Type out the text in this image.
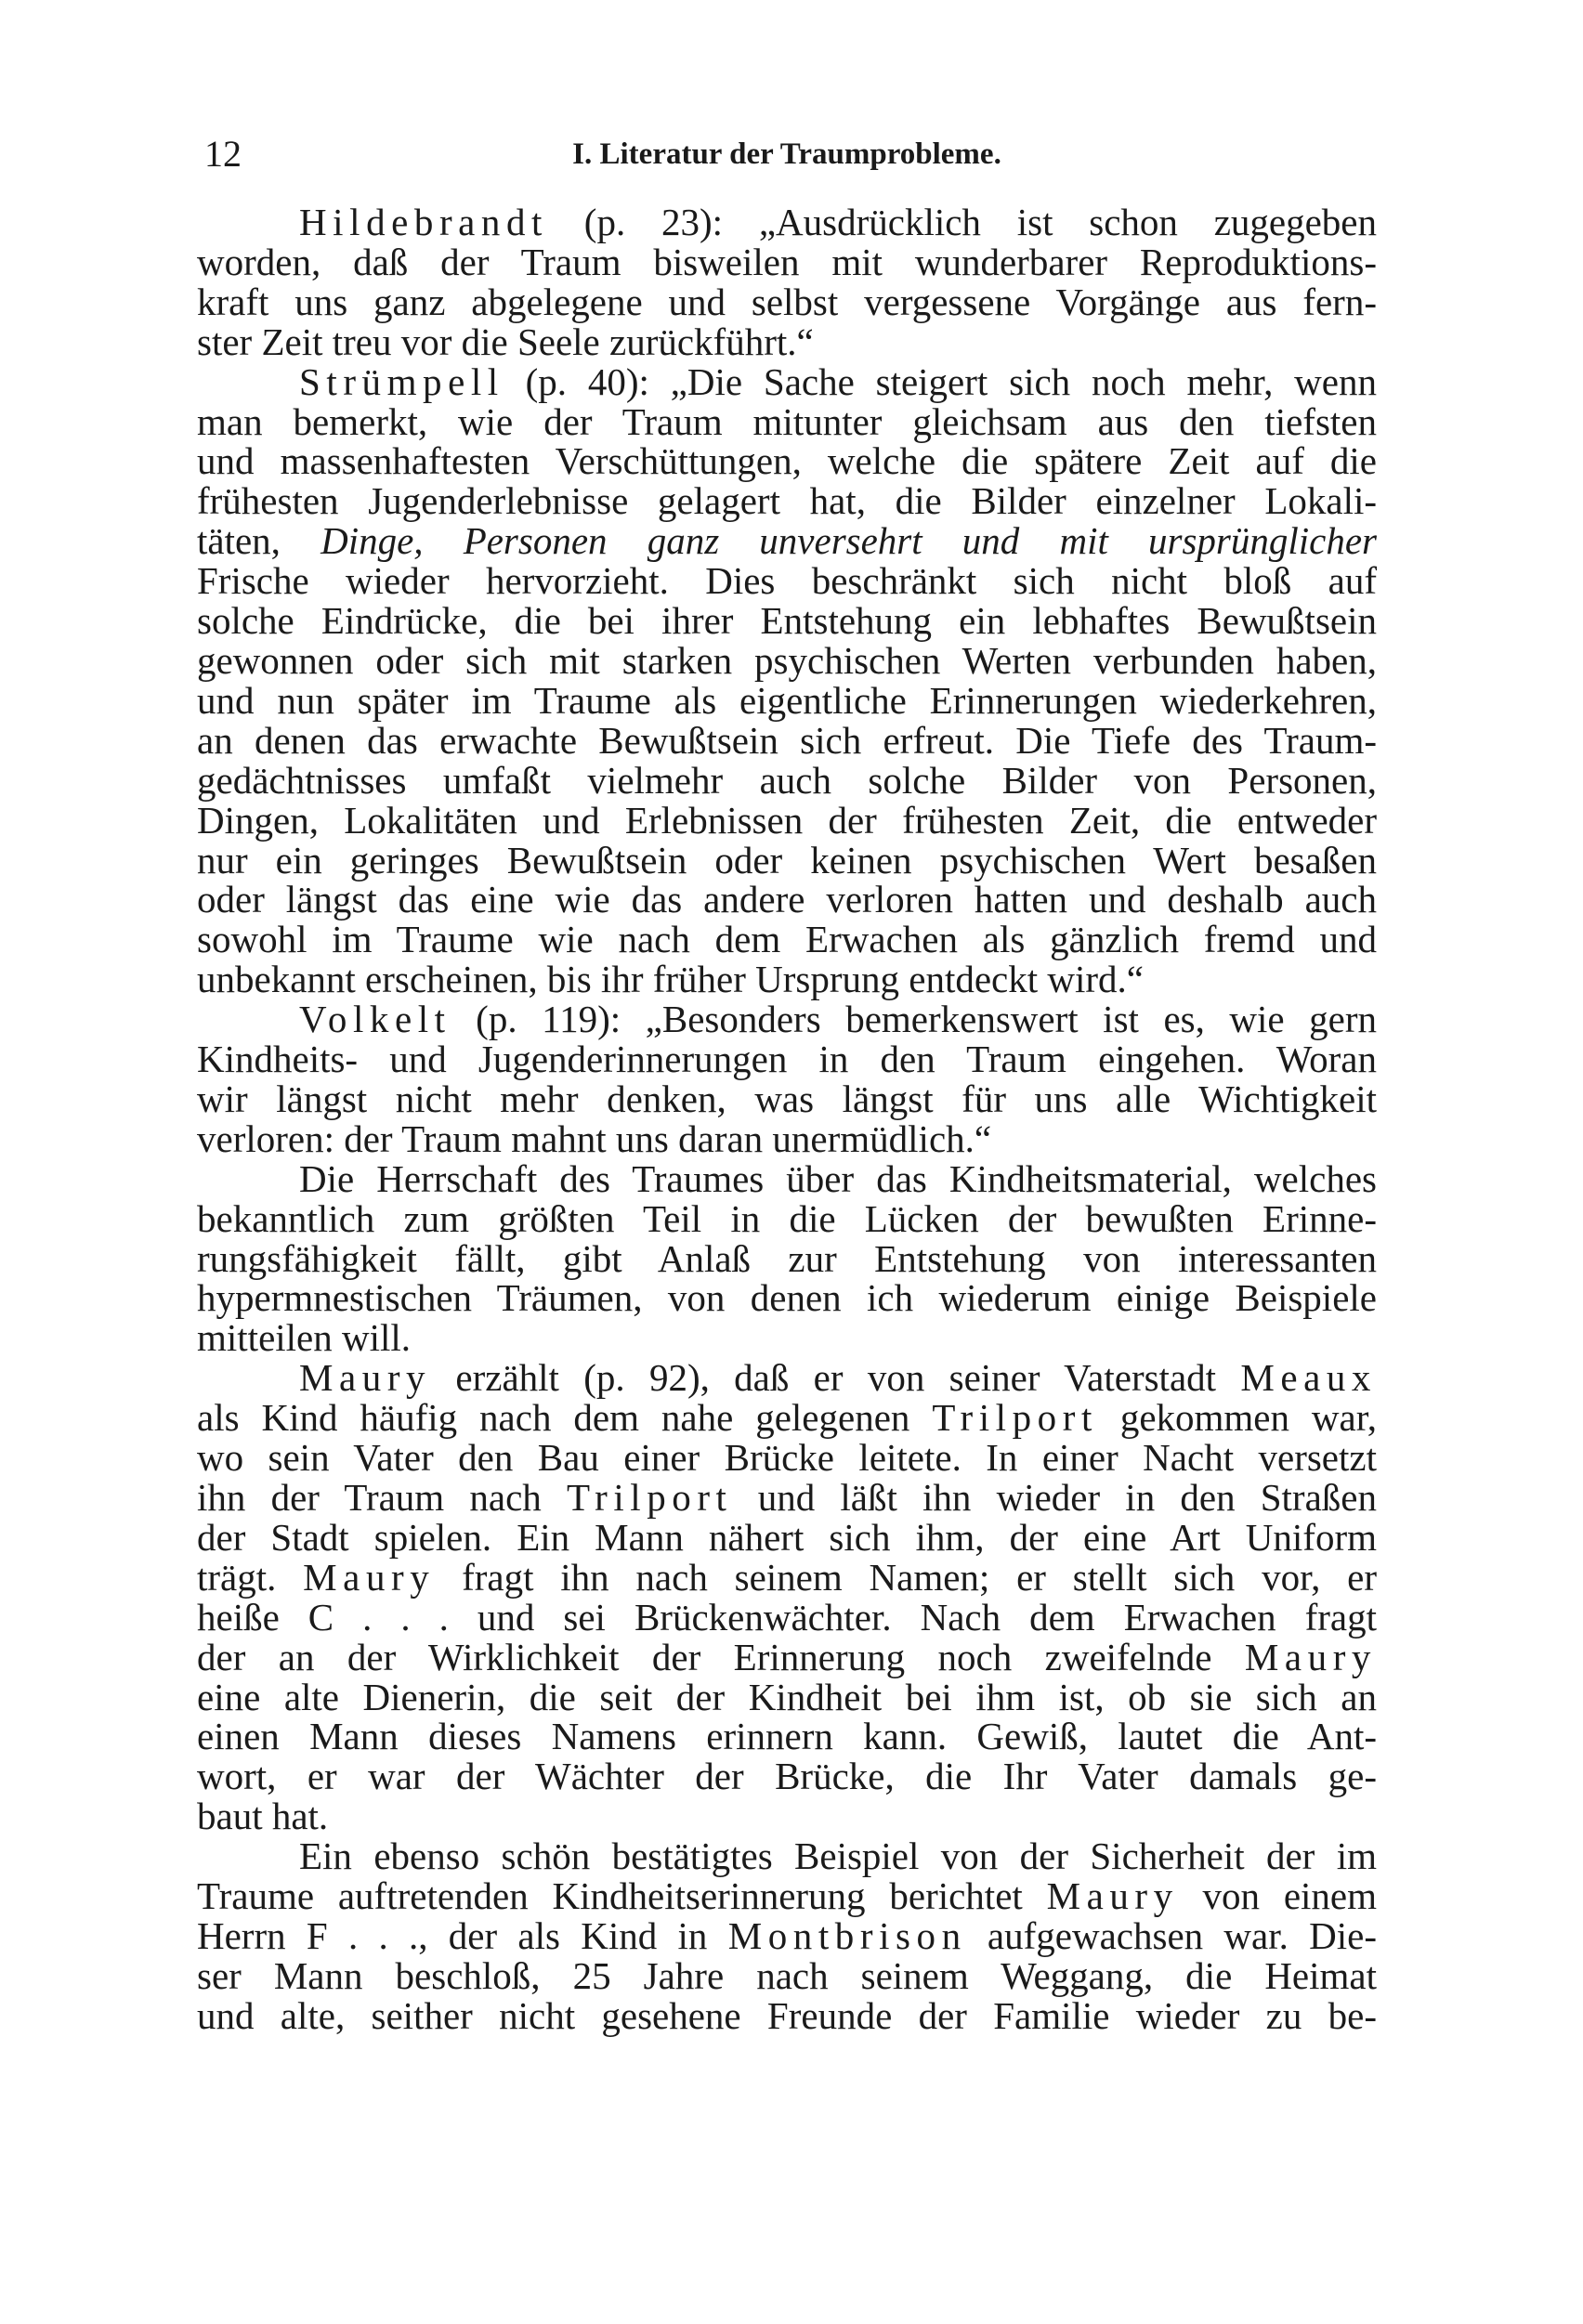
12	I. Literatur der Traumprobleme.

Hildebrandt (p. 23): „Ausdrücklich ist schon zugegeben
worden, daß der Traum bisweilen mit wunderbarer Reproduktions-
kraft uns ganz abgelegene und selbst vergessene Vorgänge aus fern-
ster Zeit treu vor die Seele zurückführt.“

Strümpell (p. 40): „Die Sache steigert sich noch mehr, wenn
man bemerkt, wie der Traum mitunter gleichsam aus den tiefsten
und massenhaftesten Verschüttungen, welche die spätere Zeit auf die
frühesten Jugenderlebnisse gelagert hat, die Bilder einzelner Lokali-
täten, Dinge, Personen ganz unversehrt und mit ursprünglicher
Frische wieder hervorzieht. Dies beschränkt sich nicht bloß auf
solche Eindrücke, die bei ihrer Entstehung ein lebhaftes Bewußtsein
gewonnen oder sich mit starken psychischen Werten verbunden haben,
und nun später im Traume als eigentliche Erinnerungen wiederkehren,
an denen das erwachte Bewußtsein sich erfreut. Die Tiefe des Traum-
gedächtnisses umfaßt vielmehr auch solche Bilder von Personen,
Dingen, Lokalitäten und Erlebnissen der frühesten Zeit, die entweder
nur ein geringes Bewußtsein oder keinen psychischen Wert besaßen
oder längst das eine wie das andere verloren hatten und deshalb auch
sowohl im Traume wie nach dem Erwachen als gänzlich fremd und
unbekannt erscheinen, bis ihr früher Ursprung entdeckt wird.“

Volkelt (p. 119): „Besonders bemerkenswert ist es, wie gern
Kindheits- und Jugenderinnerungen in den Traum eingehen. Woran
wir längst nicht mehr denken, was längst für uns alle Wichtigkeit
verloren: der Traum mahnt uns daran unermüdlich.“

Die Herrschaft des Traumes über das Kindheitsmaterial, welches
bekanntlich zum größten Teil in die Lücken der bewußten Erinne-
rungsfähigkeit fällt, gibt Anlaß zur Entstehung von interessanten
hypermnestischen Träumen, von denen ich wiederum einige Beispiele
mitteilen will.

Maury erzählt (p. 92), daß er von seiner Vaterstadt Meaux
als Kind häufig nach dem nahe gelegenen Trilport gekommen war,
wo sein Vater den Bau einer Brücke leitete. In einer Nacht versetzt
ihn der Traum nach Trilport und läßt ihn wieder in den Straßen
der Stadt spielen. Ein Mann nähert sich ihm, der eine Art Uniform
trägt. Maury fragt ihn nach seinem Namen; er stellt sich vor, er
heiße C . . . und sei Brückenwächter. Nach dem Erwachen fragt
der an der Wirklichkeit der Erinnerung noch zweifelnde Maury
eine alte Dienerin, die seit der Kindheit bei ihm ist, ob sie sich an
einen Mann dieses Namens erinnern kann. Gewiß, lautet die Ant-
wort, er war der Wächter der Brücke, die Ihr Vater damals ge-
baut hat.

Ein ebenso schön bestätigtes Beispiel von der Sicherheit der im
Traume auftretenden Kindheitserinnerung berichtet Maury von einem
Herrn F . . ., der als Kind in Montbrison aufgewachsen war. Die-
ser Mann beschloß, 25 Jahre nach seinem Weggang, die Heimat
und alte, seither nicht gesehene Freunde der Familie wieder zu be-
